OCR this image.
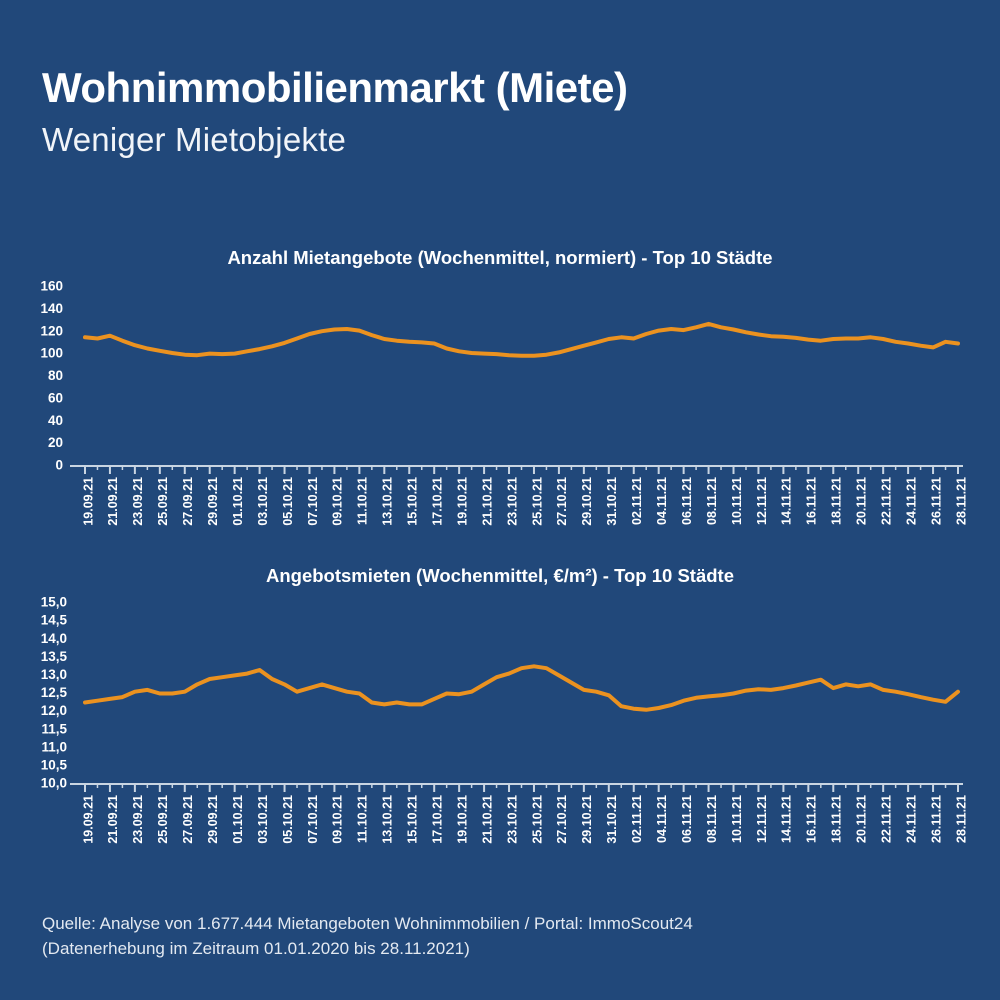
Wohnimmobilienmarkt (Miete)
Weniger Mietobjekte
Anzahl Mietangebote (Wochenmittel, normiert) - Top 10 Städte
19.09.21 21.09.21 23.09.21 25.09.21 27.09.21 29.09.21 01.10.21 03.10.21 05.10.21 07.10.21 09.10.21 11.10.21 13.10.21 15.10.21 17.10.21 19.10.21 21.10.21 23.10.21 25.10.21 27.10.21 29.10.21 31.10.21 02.11.21 04.11.21 06.11.21 08.11.21 10.11.21 12.11.21 14.11.21 16.11.21 18.11.21 20.11.21 22.11.21 24.11.21 26.11.21 28.11.21
0
20
40
60
80
100
120
140
160
Angebotsmieten (Wochenmittel, €/m²) - Top 10 Städte
19.09.21 21.09.21 23.09.21 25.09.21 27.09.21 29.09.21 01.10.21 03.10.21 05.10.21 07.10.21 09.10.21 11.10.21 13.10.21 15.10.21 17.10.21 19.10.21 21.10.21 23.10.21 25.10.21 27.10.21 29.10.21 31.10.21 02.11.21 04.11.21 06.11.21 08.11.21 10.11.21 12.11.21 14.11.21 16.11.21 18.11.21 20.11.21 22.11.21 24.11.21 26.11.21 28.11.21
10,0
10,5
11,0
11,5
12,0
12,5
13,0
13,5
14,0
14,5
15,0
Quelle: Analyse von 1.677.444 Mietangeboten Wohnimmobilien / Portal: ImmoScout24
(Datenerhebung im Zeitraum 01.01.2020 bis 28.11.2021)
